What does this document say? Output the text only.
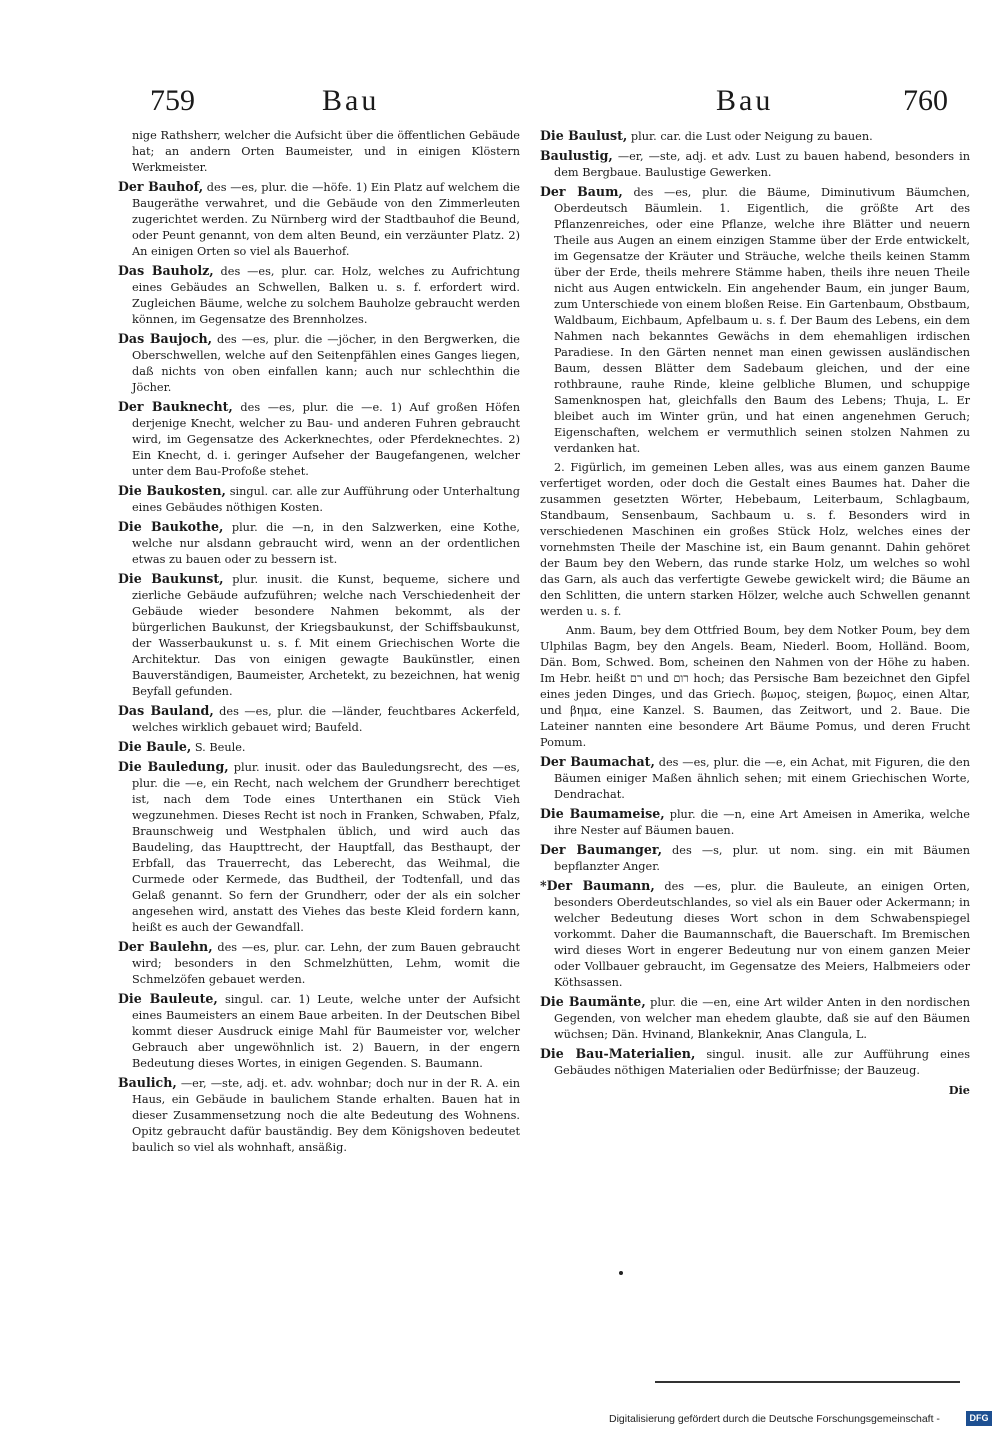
759	Bau	Bau	760
nige Rathsherr, welcher die Aufsicht über die öffentlichen Gebäude hat; an andern Orten Baumeister, und in einigen Klöstern Werkmeister.
Der Bauhof, des —es, plur. die —höfe. 1) Ein Platz auf welchem die Baugeräthe verwahret, und die Gebäude von den Zimmerleuten zugerichtet werden. Zu Nürnberg wird der Stadtbauhof die Beund, oder Peunt genannt, von dem alten Beund, ein verzäunter Platz. 2) An einigen Orten so viel als Bauerhof.
Das Bauholz, des —es, plur. car. Holz, welches zu Aufrichtung eines Gebäudes an Schwellen, Balken u. s. f. erfordert wird. Zugleichen Bäume, welche zu solchem Bauholze gebraucht werden können, im Gegensatze des Brennholzes.
Das Baujoch, des —es, plur. die —jöcher, in den Bergwerken, die Oberschwellen, welche auf den Seitenpfählen eines Ganges liegen, daß nichts von oben einfallen kann; auch nur schlechthin die Jöcher.
Der Bauknecht, des —es, plur. die —e. 1) Auf großen Höfen derjenige Knecht, welcher zu Bau- und anderen Fuhren gebraucht wird, im Gegensatze des Ackerknechtes, oder Pferdeknechtes. 2) Ein Knecht, d. i. geringer Aufseher der Baugefangenen, welcher unter dem Bau-Profoße stehet.
Die Baukosten, singul. car. alle zur Aufführung oder Unterhaltung eines Gebäudes nöthigen Kosten.
Die Baukothe, plur. die —n, in den Salzwerken, eine Kothe, welche nur alsdann gebraucht wird, wenn an der ordentlichen etwas zu bauen oder zu bessern ist.
Die Baukunst, plur. inusit. die Kunst, bequeme, sichere und zierliche Gebäude aufzuführen; welche nach Verschiedenheit der Gebäude wieder besondere Nahmen bekommt, als der bürgerlichen Baukunst, der Kriegsbaukunst, der Schiffsbaukunst, der Wasserbaukunst u. s. f. Mit einem Griechischen Worte die Architektur. Das von einigen gewagte Baukünstler, einen Bauverständigen, Baumeister, Archetekt, zu bezeichnen, hat wenig Beyfall gefunden.
Das Bauland, des —es, plur. die —länder, feuchtbares Ackerfeld, welches wirklich gebauet wird; Baufeld.
Die Baule, S. Beule.
Die Bauledung, plur. inusit. oder das Bauledungsrecht, des —es, plur. die —e, ein Recht, nach welchem der Grundherr berechtiget ist, nach dem Tode eines Unterthanen ein Stück Vieh wegzunehmen. Dieses Recht ist noch in Franken, Schwaben, Pfalz, Braunschweig und Westphalen üblich, und wird auch das Baudeling, das Haupttrecht, der Hauptfall, das Besthaupt, der Erbfall, das Trauerrecht, das Leberecht, das Weihmal, die Curmede oder Kermede, das Budtheil, der Todtenfall, und das Gelaß genannt. So fern der Grundherr, oder der als ein solcher angesehen wird, anstatt des Viehes das beste Kleid fordern kann, heißt es auch der Gewandfall.
Der Baulehn, des —es, plur. car. Lehn, der zum Bauen gebraucht wird; besonders in den Schmelzhütten, Lehm, womit die Schmelzöfen gebauet werden.
Die Bauleute, singul. car. 1) Leute, welche unter der Aufsicht eines Baumeisters an einem Baue arbeiten. In der Deutschen Bibel kommt dieser Ausdruck einige Mahl für Baumeister vor, welcher Gebrauch aber ungewöhnlich ist. 2) Bauern, in der engern Bedeutung dieses Wortes, in einigen Gegenden. S. Baumann.
Baulich, —er, —ste, adj. et. adv. wohnbar; doch nur in der R. A. ein Haus, ein Gebäude in baulichem Stande erhalten. Bauen hat in dieser Zusammensetzung noch die alte Bedeutung des Wohnens. Opitz gebraucht dafür bauständig. Bey dem Königshoven bedeutet baulich so viel als wohnhaft, ansäßig.
Die Baulust, plur. car. die Lust oder Neigung zu bauen.
Baulustig, —er, —ste, adj. et adv. Lust zu bauen habend, besonders in dem Bergbaue. Baulustige Gewerken.
Der Baum, des —es, plur. die Bäume, Diminutivum Bäumchen, Oberdeutsch Bäumlein. 1. Eigentlich, die größte Art des Pflanzenreiches, oder eine Pflanze, welche ihre Blätter und neuern Theile aus Augen an einem einzigen Stamme über der Erde entwickelt, im Gegensatze der Kräuter und Sträuche, welche theils keinen Stamm über der Erde, theils mehrere Stämme haben, theils ihre neuen Theile nicht aus Augen entwickeln. Ein angehender Baum, ein junger Baum, zum Unterschiede von einem bloßen Reise. Ein Gartenbaum, Obstbaum, Waldbaum, Eichbaum, Apfelbaum u. s. f. Der Baum des Lebens, ein dem Nahmen nach bekanntes Gewächs in dem ehemahligen irdischen Paradiese. In den Gärten nennet man einen gewissen ausländischen Baum, dessen Blätter dem Sadebaum gleichen, und der eine rothbraune, rauhe Rinde, kleine gelbliche Blumen, und schuppige Samenknospen hat, gleichfalls den Baum des Lebens; Thuja, L. Er bleibet auch im Winter grün, und hat einen angenehmen Geruch; Eigenschaften, welchem er vermuthlich seinen stolzen Nahmen zu verdanken hat.
2. Figürlich, im gemeinen Leben alles, was aus einem ganzen Baume verfertiget worden, oder doch die Gestalt eines Baumes hat. Daher die zusammen gesetzten Wörter, Hebebaum, Leiterbaum, Schlagbaum, Standbaum, Sensenbaum, Sachbaum u. s. f. Besonders wird in verschiedenen Maschinen ein großes Stück Holz, welches eines der vornehmsten Theile der Maschine ist, ein Baum genannt. Dahin gehöret der Baum bey den Webern, das runde starke Holz, um welches so wohl das Garn, als auch das verfertigte Gewebe gewickelt wird; die Bäume an den Schlitten, die untern starken Hölzer, welche auch Schwellen genannt werden u. s. f.
Anm. Baum, bey dem Ottfried Boum, bey dem Notker Poum, bey dem Ulphilas Bagm, bey den Angels. Beam, Niederl. Boom, Holländ. Boom, Dän. Bom, Schwed. Bom, scheinen den Nahmen von der Höhe zu haben. Im Hebr. heißt רם und רום hoch; das Persische Bam bezeichnet den Gipfel eines jeden Dinges, und das Griech. βωμος, steigen, βωμος, einen Altar, und βημα, eine Kanzel. S. Baumen, das Zeitwort, und 2. Baue. Die Lateiner nannten eine besondere Art Bäume Pomus, und deren Frucht Pomum.
Der Baumachat, des —es, plur. die —e, ein Achat, mit Figuren, die den Bäumen einiger Maßen ähnlich sehen; mit einem Griechischen Worte, Dendrachat.
Die Baumameise, plur. die —n, eine Art Ameisen in Amerika, welche ihre Nester auf Bäumen bauen.
Der Baumanger, des —s, plur. ut nom. sing. ein mit Bäumen bepflanzter Anger.
*Der Baumann, des —es, plur. die Bauleute, an einigen Orten, besonders Oberdeutschlandes, so viel als ein Bauer oder Ackermann; in welcher Bedeutung dieses Wort schon in dem Schwabenspiegel vorkommt. Daher die Baumannschaft, die Bauerschaft. Im Bremischen wird dieses Wort in engerer Bedeutung nur von einem ganzen Meier oder Vollbauer gebraucht, im Gegensatze des Meiers, Halbmeiers oder Köthsassen.
Die Baumänte, plur. die —en, eine Art wilder Anten in den nordischen Gegenden, von welcher man ehedem glaubte, daß sie auf den Bäumen wüchsen; Dän. Hvinand, Blankeknir, Anas Clangula, L.
Die Bau-Materialien, singul. inusit. alle zur Aufführung eines Gebäudes nöthigen Materialien oder Bedürfnisse; der Bauzeug.
Die
Digitalisierung gefördert durch die Deutsche Forschungsgemeinschaft -	DFG
